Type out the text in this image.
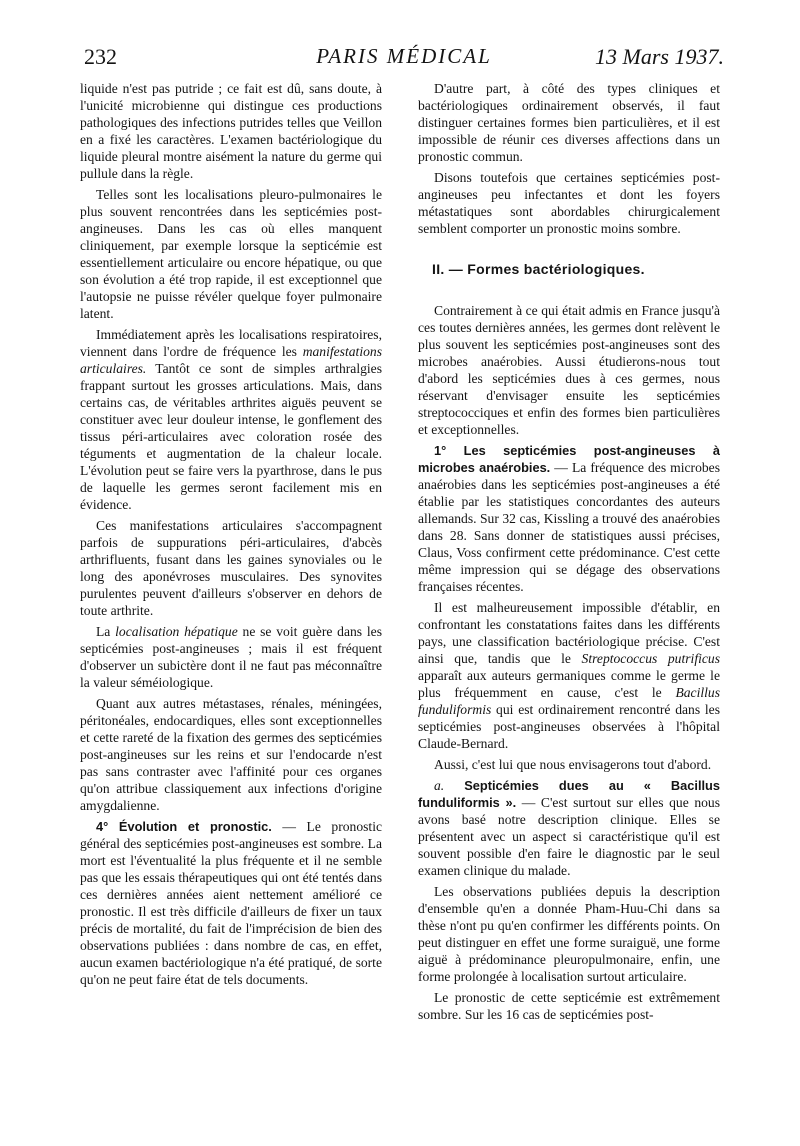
232	PARIS MÉDICAL	13 Mars 1937.

liquide n'est pas putride ; ce fait est dû, sans doute, à l'unicité microbienne qui distingue ces productions pathologiques des infections putrides telles que Veillon en a fixé les caractères. L'examen bactériologique du liquide pleural montre aisément la nature du germe qui pullule dans la règle.

Telles sont les localisations pleuro-pulmonaires le plus souvent rencontrées dans les septicémies post-angineuses. Dans les cas où elles manquent cliniquement, par exemple lorsque la septicémie est essentiellement articulaire ou encore hépatique, ou que son évolution a été trop rapide, il est exceptionnel que l'autopsie ne puisse révéler quelque foyer pulmonaire latent.

Immédiatement après les localisations respiratoires, viennent dans l'ordre de fréquence les manifestations articulaires. Tantôt ce sont de simples arthralgies frappant surtout les grosses articulations. Mais, dans certains cas, de véritables arthrites aiguës peuvent se constituer avec leur douleur intense, le gonflement des tissus péri-articulaires avec coloration rosée des téguments et augmentation de la chaleur locale. L'évolution peut se faire vers la pyarthrose, dans le pus de laquelle les germes seront facilement mis en évidence.

Ces manifestations articulaires s'accompagnent parfois de suppurations péri-articulaires, d'abcès arthrifluents, fusant dans les gaines synoviales ou le long des aponévroses musculaires. Des synovites purulentes peuvent d'ailleurs s'observer en dehors de toute arthrite.

La localisation hépatique ne se voit guère dans les septicémies post-angineuses ; mais il est fréquent d'observer un subictère dont il ne faut pas méconnaître la valeur séméiologique.

Quant aux autres métastases, rénales, méningées, péritonéales, endocardiques, elles sont exceptionnelles et cette rareté de la fixation des germes des septicémies post-angineuses sur les reins et sur l'endocarde n'est pas sans contraster avec l'affinité pour ces organes qu'on attribue classiquement aux infections d'origine amygdalienne.

4° Évolution et pronostic. — Le pronostic général des septicémies post-angineuses est sombre. La mort est l'éventualité la plus fréquente et il ne semble pas que les essais thérapeutiques qui ont été tentés dans ces dernières années aient nettement amélioré ce pronostic. Il est très difficile d'ailleurs de fixer un taux précis de mortalité, du fait de l'imprécision de bien des observations publiées : dans nombre de cas, en effet, aucun examen bactériologique n'a été pratiqué, de sorte qu'on ne peut faire état de tels documents.

D'autre part, à côté des types cliniques et bactériologiques ordinairement observés, il faut distinguer certaines formes bien particulières, et il est impossible de réunir ces diverses affections dans un pronostic commun.

Disons toutefois que certaines septicémies post-angineuses peu infectantes et dont les foyers métastatiques sont abordables chirurgicalement semblent comporter un pronostic moins sombre.

II. — Formes bactériologiques.

Contrairement à ce qui était admis en France jusqu'à ces toutes dernières années, les germes dont relèvent le plus souvent les septicémies post-angineuses sont des microbes anaérobies. Aussi étudierons-nous tout d'abord les septicémies dues à ces germes, nous réservant d'envisager ensuite les septicémies streptococciques et enfin des formes bien particulières et exceptionnelles.

1° Les septicémies post-angineuses à microbes anaérobies. — La fréquence des microbes anaérobies dans les septicémies post-angineuses a été établie par les statistiques concordantes des auteurs allemands. Sur 32 cas, Kissling a trouvé des anaérobies dans 28. Sans donner de statistiques aussi précises, Claus, Voss confirment cette prédominance. C'est cette même impression qui se dégage des observations françaises récentes.

Il est malheureusement impossible d'établir, en confrontant les constatations faites dans les différents pays, une classification bactériologique précise. C'est ainsi que, tandis que le Streptococcus putrificus apparaît aux auteurs germaniques comme le germe le plus fréquemment en cause, c'est le Bacillus funduliformis qui est ordinairement rencontré dans les septicémies post-angineuses observées à l'hôpital Claude-Bernard.

Aussi, c'est lui que nous envisagerons tout d'abord.

a. Septicémies dues au « Bacillus funduliformis ». — C'est surtout sur elles que nous avons basé notre description clinique. Elles se présentent avec un aspect si caractéristique qu'il est souvent possible d'en faire le diagnostic par le seul examen clinique du malade.

Les observations publiées depuis la description d'ensemble qu'en a donnée Pham-Huu-Chi dans sa thèse n'ont pu qu'en confirmer les différents points. On peut distinguer en effet une forme suraiguë, une forme aiguë à prédominance pleuropulmonaire, enfin, une forme prolongée à localisation surtout articulaire.

Le pronostic de cette septicémie est extrêmement sombre. Sur les 16 cas de septicémies post-
